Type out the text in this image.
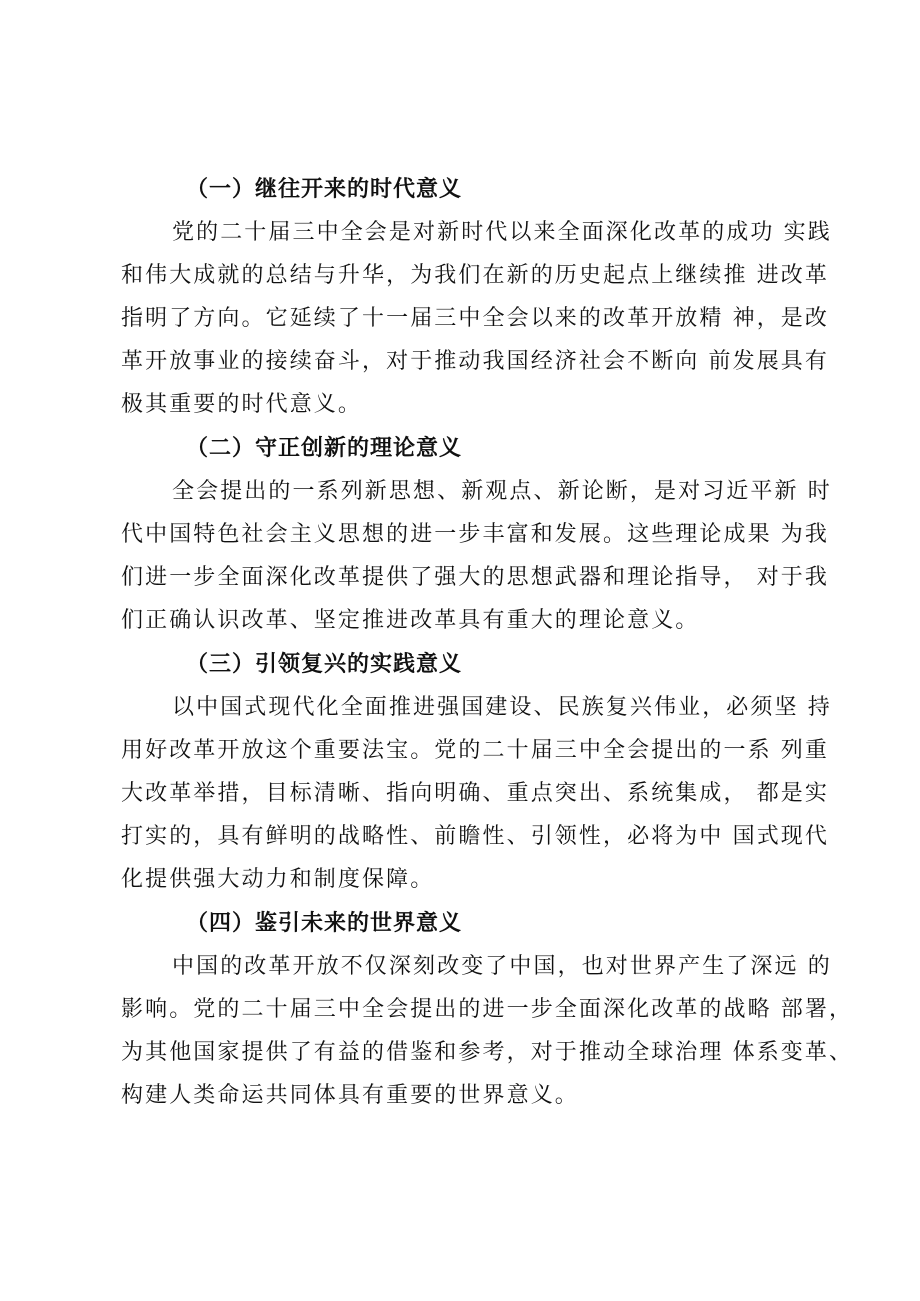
（一）继往开来的时代意义
党的二十届三中全会是对新时代以来全面深化改革的成功 实践
和伟大成就的总结与升华，为我们在新的历史起点上继续推 进改革
指明了方向。它延续了十一届三中全会以来的改革开放精 神，是改
革开放事业的接续奋斗，对于推动我国经济社会不断向 前发展具有
极其重要的时代意义。
（二）守正创新的理论意义
全会提出的一系列新思想、新观点、新论断，是对习近平新 时
代中国特色社会主义思想的进一步丰富和发展。这些理论成果 为我
们进一步全面深化改革提供了强大的思想武器和理论指导， 对于我
们正确认识改革、坚定推进改革具有重大的理论意义。
（三）引领复兴的实践意义
以中国式现代化全面推进强国建设、民族复兴伟业，必须坚 持
用好改革开放这个重要法宝。党的二十届三中全会提出的一系 列重
大改革举措，目标清晰、指向明确、重点突出、系统集成， 都是实
打实的，具有鲜明的战略性、前瞻性、引领性，必将为中 国式现代
化提供强大动力和制度保障。
（四）鉴引未来的世界意义
中国的改革开放不仅深刻改变了中国，也对世界产生了深远 的
影响。党的二十届三中全会提出的进一步全面深化改革的战略 部署，
为其他国家提供了有益的借鉴和参考，对于推动全球治理 体系变革、
构建人类命运共同体具有重要的世界意义。
